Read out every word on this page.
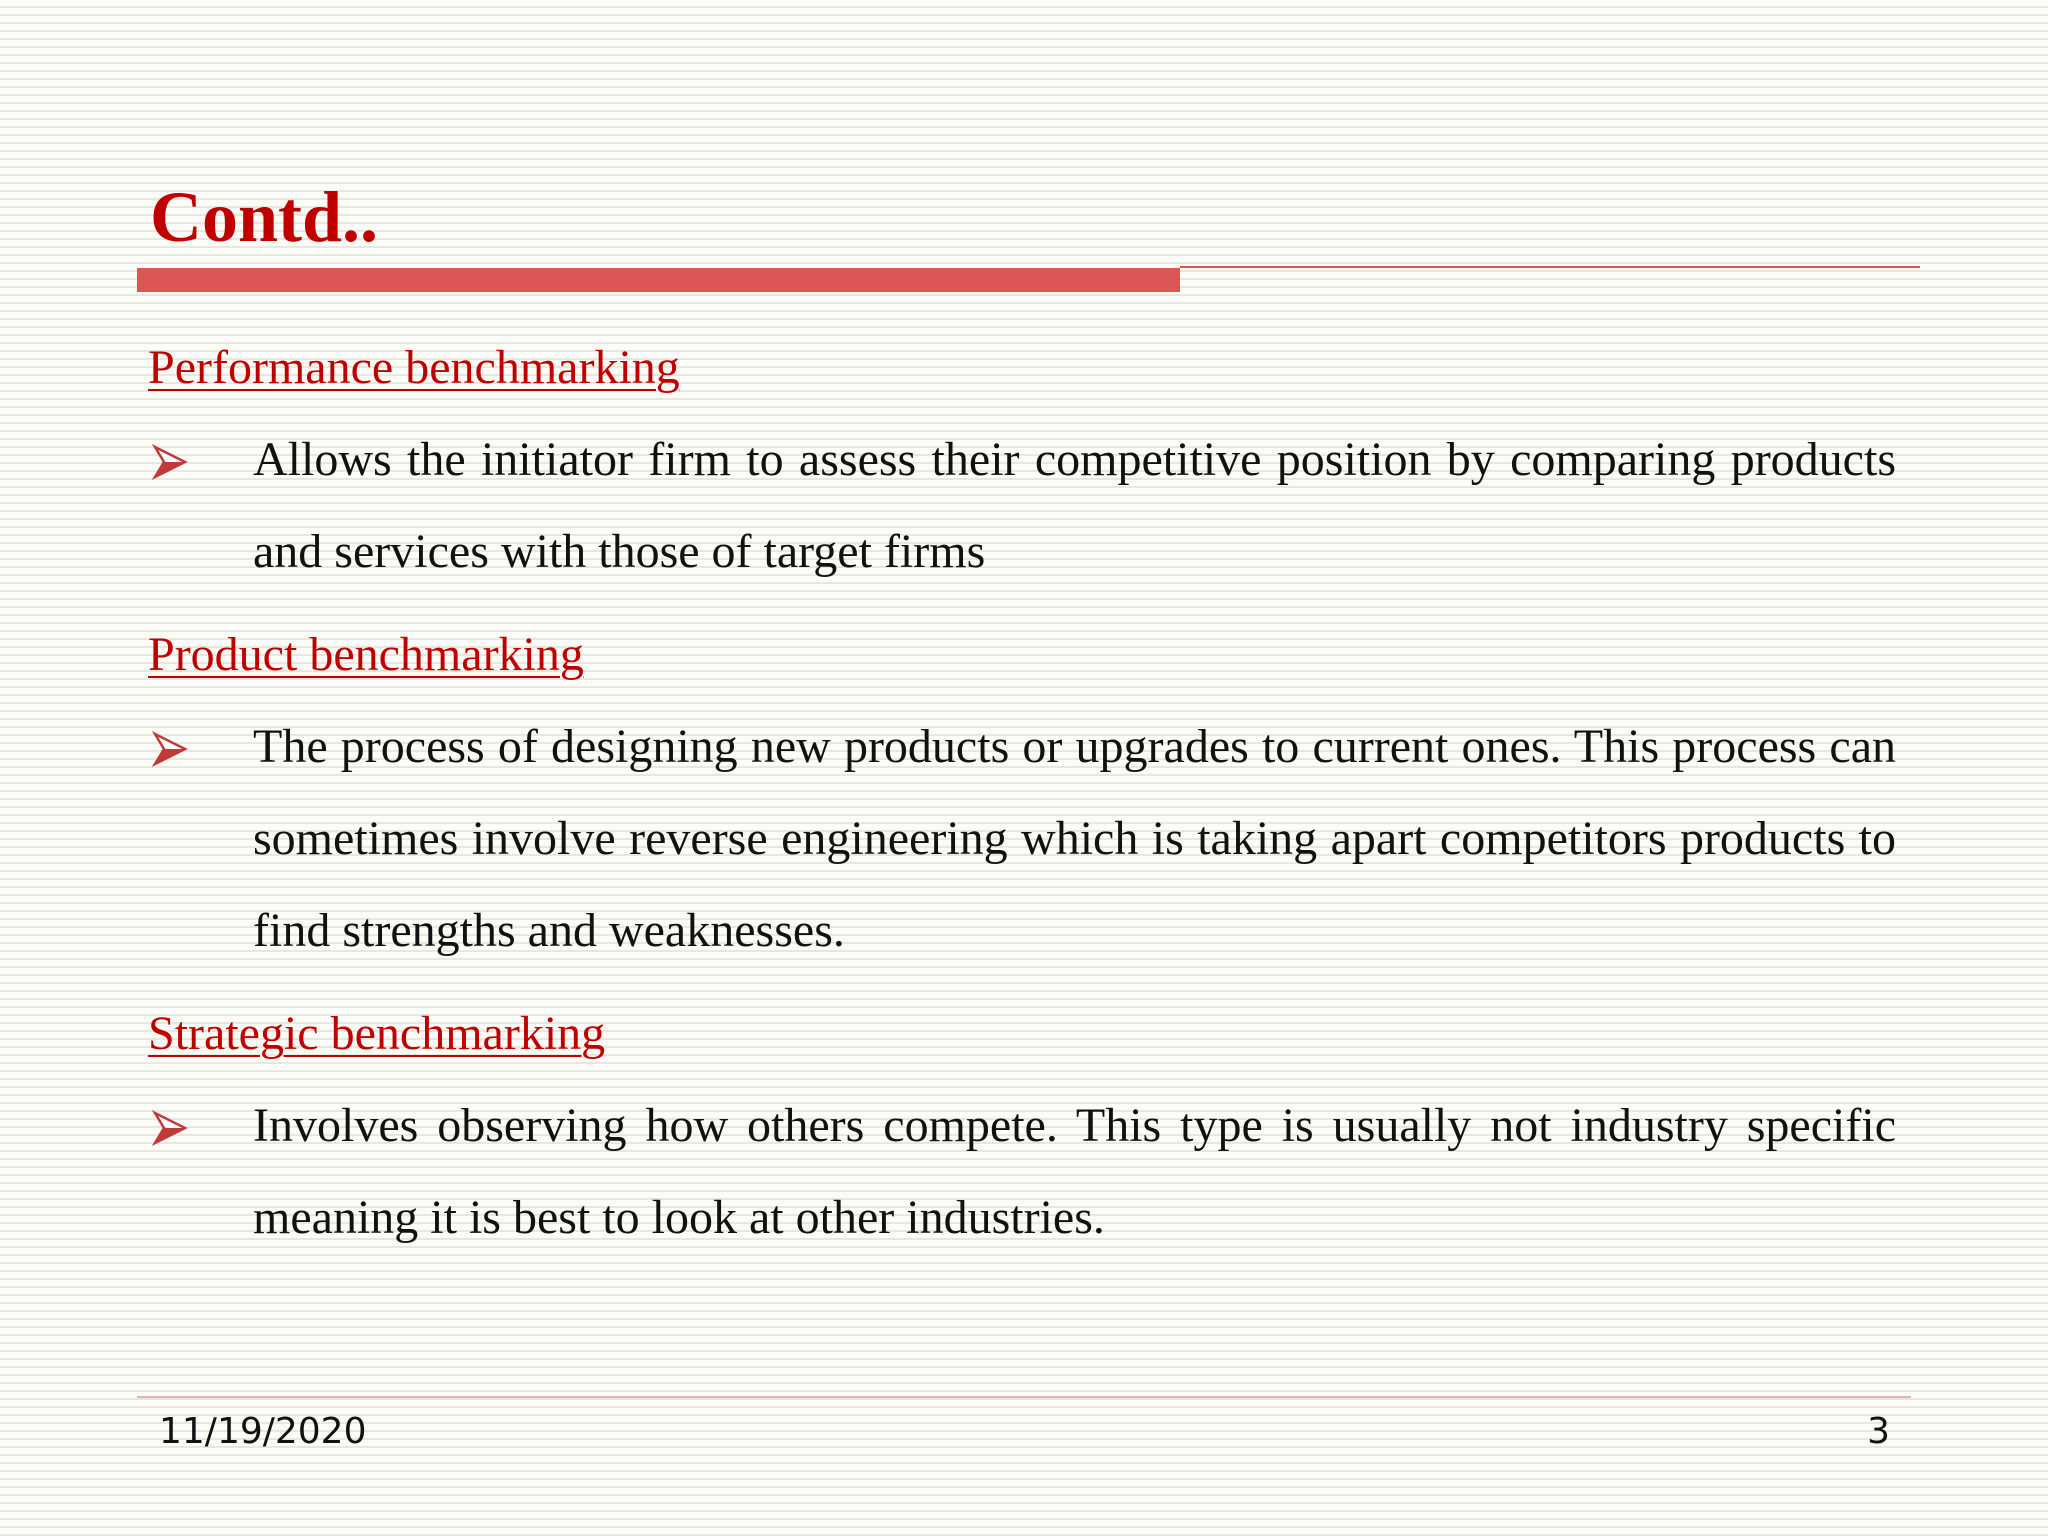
Contd..
Performance benchmarking

Allows the initiator firm to assess their competitive position by comparing products and services with those of target firms

Product benchmarking

The process of designing new products or upgrades to current ones. This process can sometimes involve reverse engineering which is taking apart competitors products to find strengths and weaknesses.

Strategic benchmarking

Involves observing how others compete. This type is usually not industry specific meaning it is best to look at other industries.

11/19/2020	3
